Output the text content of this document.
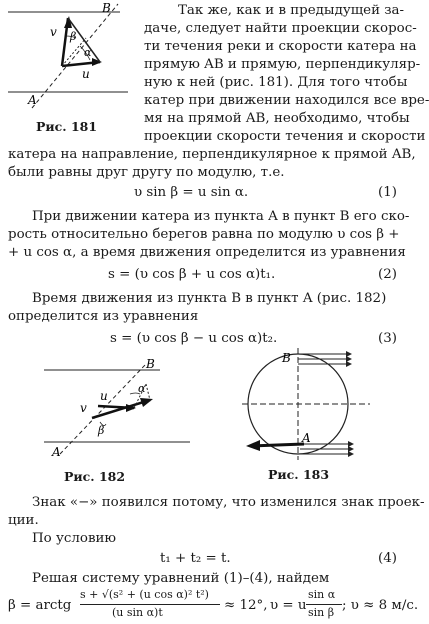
B
A
v
u
α
β
Рис. 181
Так же, как и в предыдущей за-
даче, следует найти проекции скорос-
ти течения реки и скорости катера на
прямую AB и прямую, перпендикуляр-
ную к ней (рис. 181). Для того чтобы
катер при движении находился все вре-
мя на прямой AB, необходимо, чтобы
проекции скорости течения и скорости
катера на направление, перпендикулярное к прямой AB,
были равны друг другу по модулю, т.е.
υ sin β = u sin α.	(1)
При движении катера из пункта A в пункт B его ско-
рость относительно берегов равна по модулю υ cos β +
+ u cos α, а время движения определится из уравнения
s = (υ cos β + u cos α)t₁.	(2)
Время движения из пункта B в пункт A (рис. 182)
определится из уравнения
s = (υ cos β − u cos α)t₂.	(3)
B
A
v
u
α
β
Рис. 182
B
A
Рис. 183
Знак «−» появился потому, что изменился знак проек-
ции.
По условию
t₁ + t₂ = t.	(4)
Решая систему уравнений (1)–(4), найдем
β = arctg
s + √(s² + (u cos α)² t²)
(u sin α)t	≈ 12°, υ = u
sin α
sin β ; υ ≈ 8 м/с.
